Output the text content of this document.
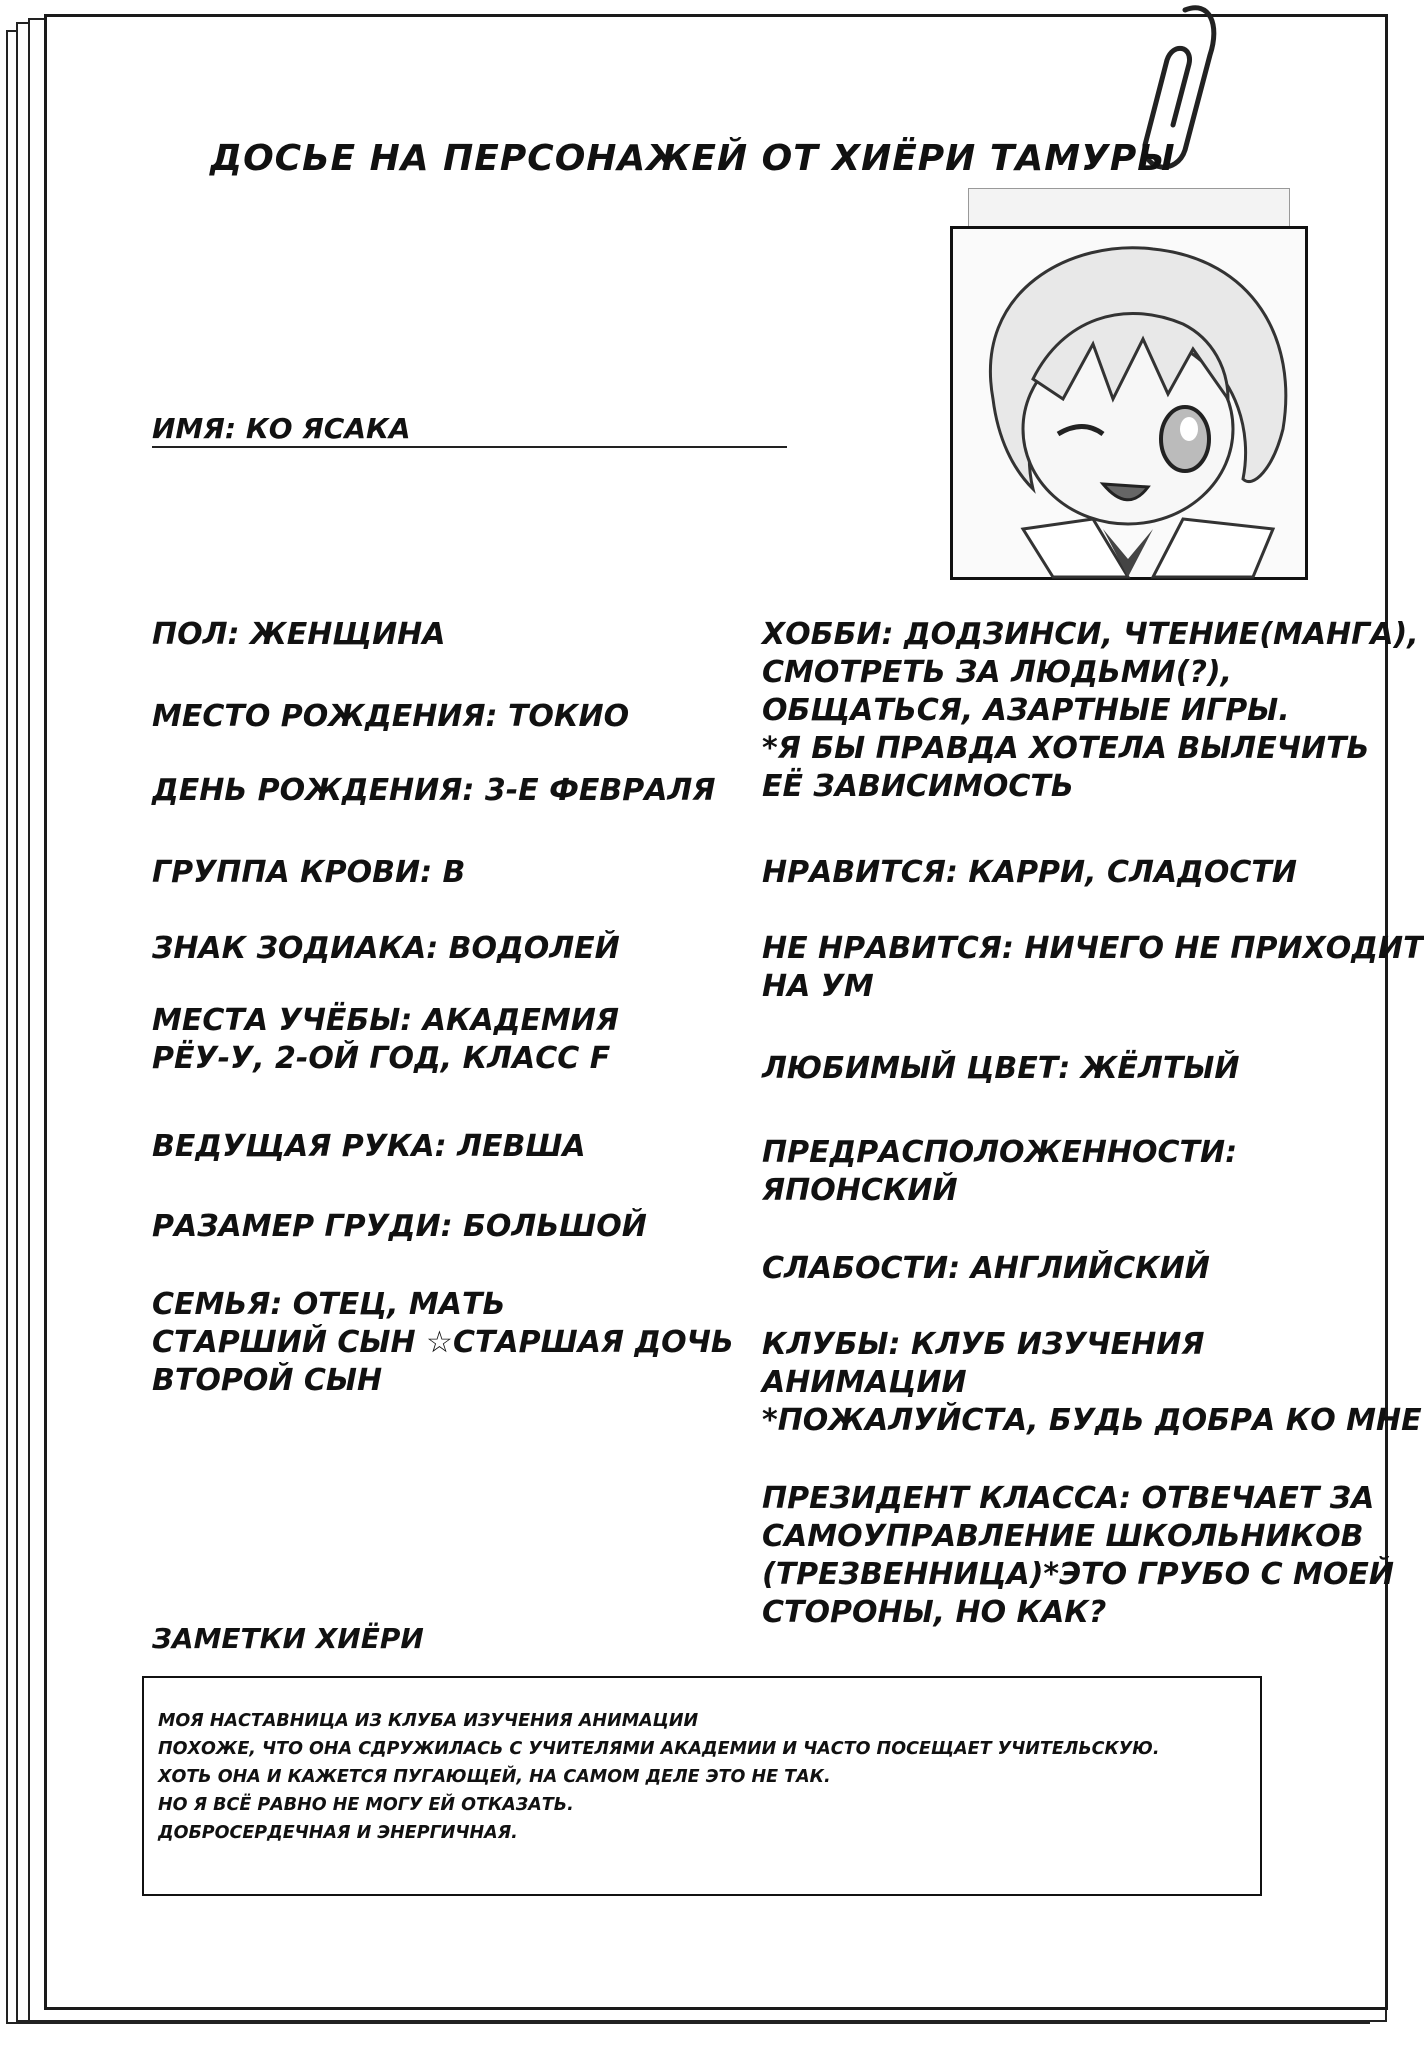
ДОСЬЕ НА ПЕРСОНАЖЕЙ ОТ ХИЁРИ ТАМУРЫ
ИМЯ: КО ЯСАКА
ПОЛ: ЖЕНЩИНА
МЕСТО РОЖДЕНИЯ: ТОКИО
ДЕНЬ РОЖДЕНИЯ: 3-Е ФЕВРАЛЯ
ГРУППА КРОВИ: B
ЗНАК ЗОДИАКА: ВОДОЛЕЙ
МЕСТА УЧЁБЫ: АКАДЕМИЯ
РЁУ-У, 2-ОЙ ГОД, КЛАСС F
ВЕДУЩАЯ РУКА: ЛЕВША
РАЗАМЕР ГРУДИ: БОЛЬШОЙ
СЕМЬЯ: ОТЕЦ, МАТЬ
СТАРШИЙ СЫН ☆СТАРШАЯ ДОЧЬ
ВТОРОЙ СЫН
ХОББИ: ДОДЗИНСИ, ЧТЕНИЕ(МАНГА),
СМОТРЕТЬ ЗА ЛЮДЬМИ(?),
ОБЩАТЬСЯ, АЗАРТНЫЕ ИГРЫ.
*Я БЫ ПРАВДА ХОТЕЛА ВЫЛЕЧИТЬ
ЕЁ ЗАВИСИМОСТЬ
НРАВИТСЯ: КАРРИ, СЛАДОСТИ
НЕ НРАВИТСЯ: НИЧЕГО НЕ ПРИХОДИТ
НА УМ
ЛЮБИМЫЙ ЦВЕТ: ЖЁЛТЫЙ
ПРЕДРАСПОЛОЖЕННОСТИ:
ЯПОНСКИЙ
СЛАБОСТИ: АНГЛИЙСКИЙ
КЛУБЫ: КЛУБ ИЗУЧЕНИЯ
АНИМАЦИИ
*ПОЖАЛУЙСТА, БУДЬ ДОБРА КО МНЕ
ПРЕЗИДЕНТ КЛАССА: ОТВЕЧАЕТ ЗА
САМОУПРАВЛЕНИЕ ШКОЛЬНИКОВ
(ТРЕЗВЕННИЦА)*ЭТО ГРУБО С МОЕЙ
СТОРОНЫ, НО КАК?
ЗАМЕТКИ ХИЁРИ
МОЯ НАСТАВНИЦА ИЗ КЛУБА ИЗУЧЕНИЯ АНИМАЦИИ
ПОХОЖЕ, ЧТО ОНА СДРУЖИЛАСЬ С УЧИТЕЛЯМИ АКАДЕМИИ И ЧАСТО ПОСЕЩАЕТ УЧИТЕЛЬСКУЮ.
ХОТЬ ОНА И КАЖЕТСЯ ПУГАЮЩЕЙ, НА САМОМ ДЕЛЕ ЭТО НЕ ТАК.
НО Я ВСЁ РАВНО НЕ МОГУ ЕЙ ОТКАЗАТЬ.
ДОБРОСЕРДЕЧНАЯ И ЭНЕРГИЧНАЯ.
